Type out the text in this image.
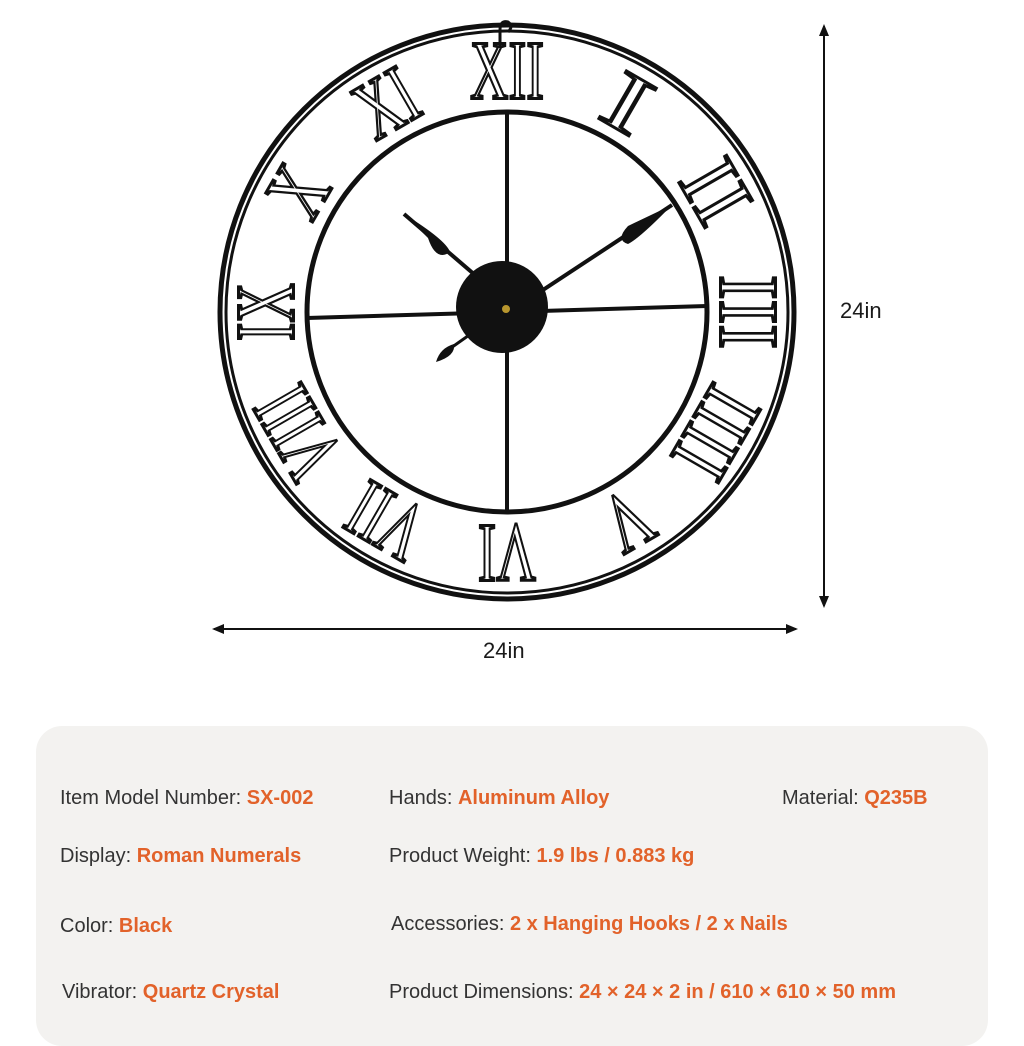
XII I
II
III
IIII
V
VI
VII
VIII
IX
X
XI
24in
24in
Item Model Number: SX-002	Hands: Aluminum Alloy	Material: Q235B
Display: Roman Numerals	Product Weight: 1.9 lbs / 0.883 kg
Color: Black	Accessories: 2 x Hanging Hooks / 2 x Nails
Vibrator: Quartz Crystal	Product Dimensions: 24 × 24 × 2 in / 610 × 610 × 50 mm
